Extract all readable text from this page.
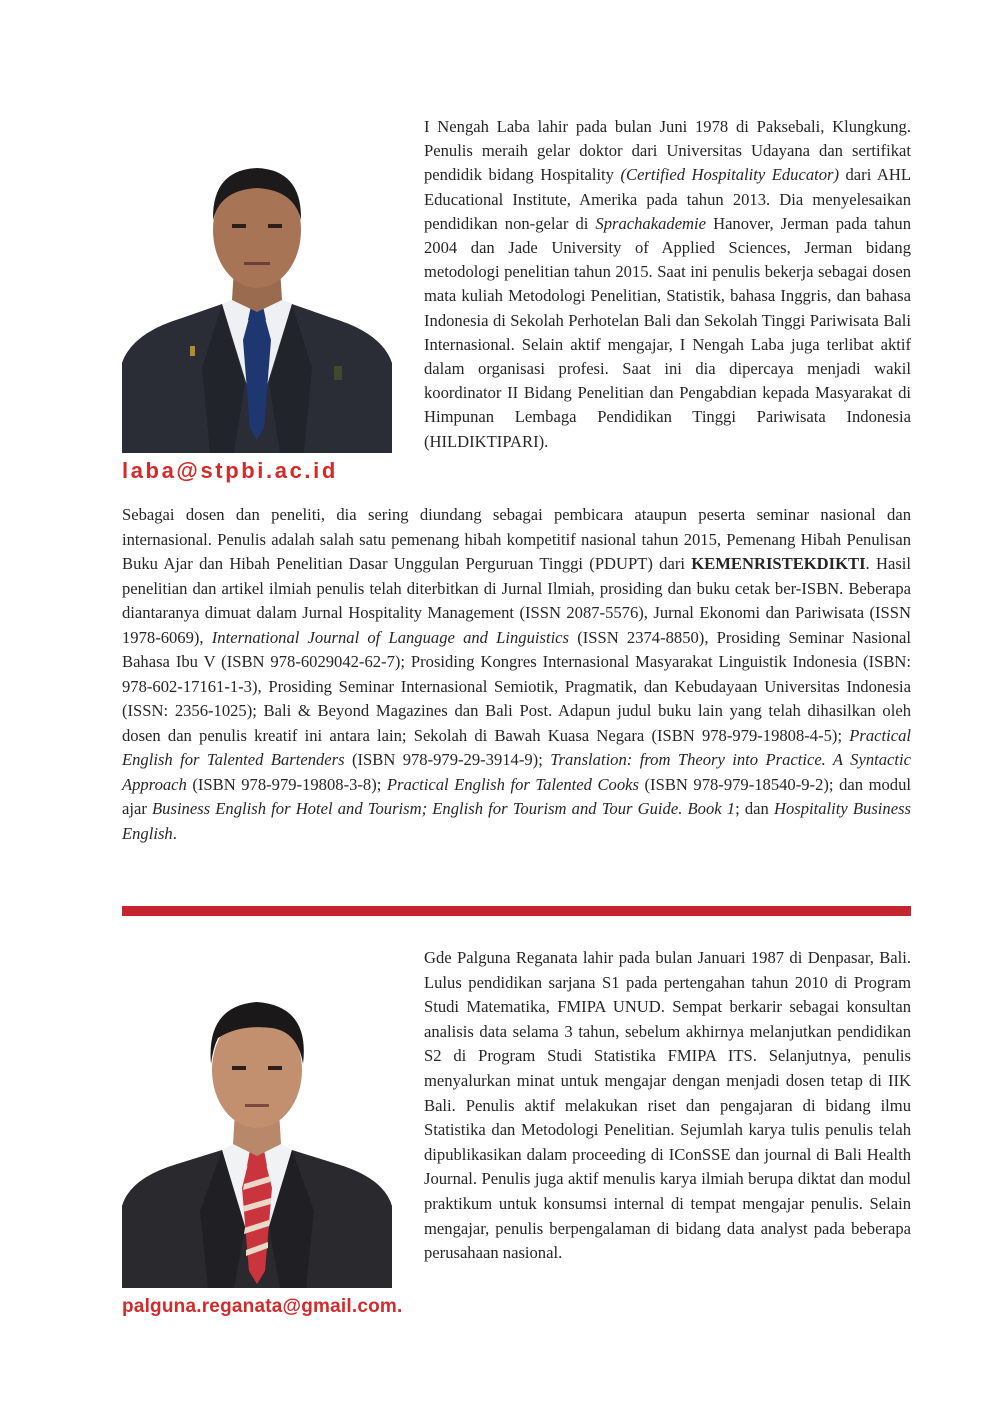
laba@stpbi.ac.id

I Nengah Laba lahir pada bulan Juni 1978 di Paksebali, Klungkung. Penulis meraih gelar doktor dari Universitas Udayana dan sertifikat pendidik bidang Hospitality (Certified Hospitality Educator) dari AHL Educational Institute, Amerika pada tahun 2013. Dia menyelesaikan pendidikan non-gelar di Sprachakademie Hanover, Jerman pada tahun 2004 dan Jade University of Applied Sciences, Jerman bidang metodologi penelitian tahun 2015. Saat ini penulis bekerja sebagai dosen mata kuliah Metodologi Penelitian, Statistik, bahasa Inggris, dan bahasa Indonesia di Sekolah Perhotelan Bali dan Sekolah Tinggi Pariwisata Bali Internasional. Selain aktif mengajar, I Nengah Laba juga terlibat aktif dalam organisasi profesi. Saat ini dia dipercaya menjadi wakil koordinator II Bidang Penelitian dan Pengabdian kepada Masyarakat di Himpunan Lembaga Pendidikan Tinggi Pariwisata Indonesia (HILDIKTIPARI).

Sebagai dosen dan peneliti, dia sering diundang sebagai pembicara ataupun peserta seminar nasional dan internasional. Penulis adalah salah satu pemenang hibah kompetitif nasional tahun 2015, Pemenang Hibah Penulisan Buku Ajar dan Hibah Penelitian Dasar Unggulan Perguruan Tinggi (PDUPT) dari KEMENRISTEKDIKTI. Hasil penelitian dan artikel ilmiah penulis telah diterbitkan di Jurnal Ilmiah, prosiding dan buku cetak ber-ISBN. Beberapa diantaranya dimuat dalam Jurnal Hospitality Management (ISSN 2087-5576), Jurnal Ekonomi dan Pariwisata (ISSN 1978-6069), International Journal of Language and Linguistics (ISSN 2374-8850), Prosiding Seminar Nasional Bahasa Ibu V (ISBN 978-6029042-62-7); Prosiding Kongres Internasional Masyarakat Linguistik Indonesia (ISBN: 978-602-17161-1-3), Prosiding Seminar Internasional Semiotik, Pragmatik, dan Kebudayaan Universitas Indonesia (ISSN: 2356-1025); Bali & Beyond Magazines dan Bali Post. Adapun judul buku lain yang telah dihasilkan oleh dosen dan penulis kreatif ini antara lain; Sekolah di Bawah Kuasa Negara (ISBN 978-979-19808-4-5); Practical English for Talented Bartenders (ISBN 978-979-29-3914-9); Translation: from Theory into Practice. A Syntactic Approach (ISBN 978-979-19808-3-8); Practical English for Talented Cooks (ISBN 978-979-18540-9-2); dan modul ajar Business English for Hotel and Tourism; English for Tourism and Tour Guide. Book 1; dan Hospitality Business English.

palguna.reganata@gmail.com.

Gde Palguna Reganata lahir pada bulan Januari 1987 di Denpasar, Bali. Lulus pendidikan sarjana S1 pada pertengahan tahun 2010 di Program Studi Matematika, FMIPA UNUD. Sempat berkarir sebagai konsultan analisis data selama 3 tahun, sebelum akhirnya melanjutkan pendidikan S2 di Program Studi Statistika FMIPA ITS. Selanjutnya, penulis menyalurkan minat untuk mengajar dengan menjadi dosen tetap di IIK Bali. Penulis aktif melakukan riset dan pengajaran di bidang ilmu Statistika dan Metodologi Penelitian. Sejumlah karya tulis penulis telah dipublikasikan dalam proceeding di IConSSE dan journal di Bali Health Journal. Penulis juga aktif menulis karya ilmiah berupa diktat dan modul praktikum untuk konsumsi internal di tempat mengajar penulis. Selain mengajar, penulis berpengalaman di bidang data analyst pada beberapa perusahaan nasional.
